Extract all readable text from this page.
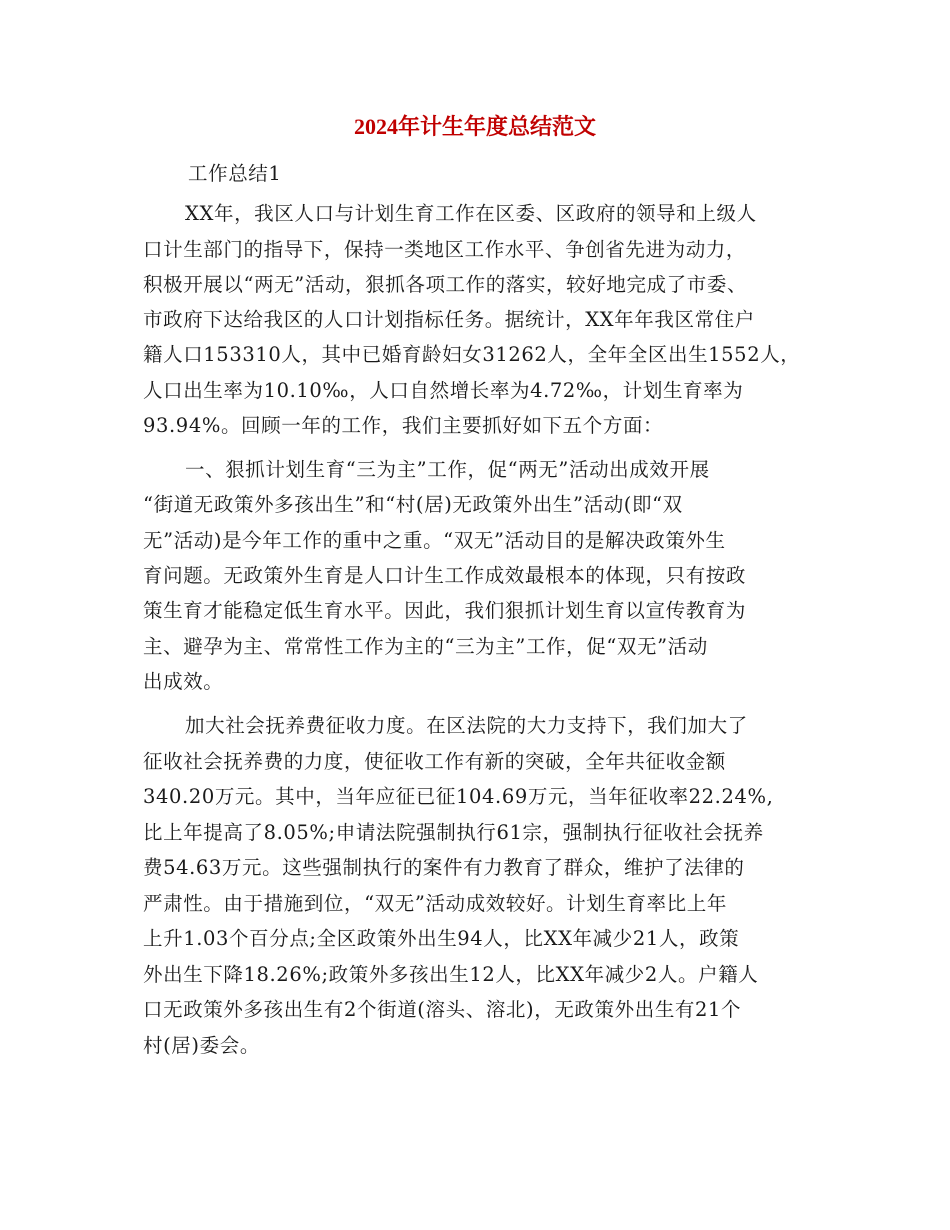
2024年计生年度总结范文
工作总结1
XX年，我区人口与计划生育工作在区委、区政府的领导和上级人
口计生部门的指导下，保持一类地区工作水平、争创省先进为动力，
积极开展以“两无”活动，狠抓各项工作的落实，较好地完成了市委、
市政府下达给我区的人口计划指标任务。据统计，XX年年我区常住户
籍人口153310人，其中已婚育龄妇女31262人，全年全区出生1552人，
人口出生率为10.10‰，人口自然增长率为4.72‰，计划生育率为
93.94%。回顾一年的工作，我们主要抓好如下五个方面：
一、狠抓计划生育“三为主”工作，促“两无”活动出成效开展
“街道无政策外多孩出生”和“村(居)无政策外出生”活动(即“双
无”活动)是今年工作的重中之重。“双无”活动目的是解决政策外生
育问题。无政策外生育是人口计生工作成效最根本的体现，只有按政
策生育才能稳定低生育水平。因此，我们狠抓计划生育以宣传教育为
主、避孕为主、常常性工作为主的“三为主”工作，促“双无”活动
出成效。
加大社会抚养费征收力度。在区法院的大力支持下，我们加大了
征收社会抚养费的力度，使征收工作有新的突破，全年共征收金额
340.20万元。其中，当年应征已征104.69万元，当年征收率22.24%,
比上年提高了8.05%;申请法院强制执行61宗，强制执行征收社会抚养
费54.63万元。这些强制执行的案件有力教育了群众，维护了法律的
严肃性。由于措施到位，“双无”活动成效较好。计划生育率比上年
上升1.03个百分点;全区政策外出生94人，比XX年减少21人，政策
外出生下降18.26%;政策外多孩出生12人，比XX年减少2人。户籍人
口无政策外多孩出生有2个街道(溶头、溶北)，无政策外出生有21个
村(居)委会。
